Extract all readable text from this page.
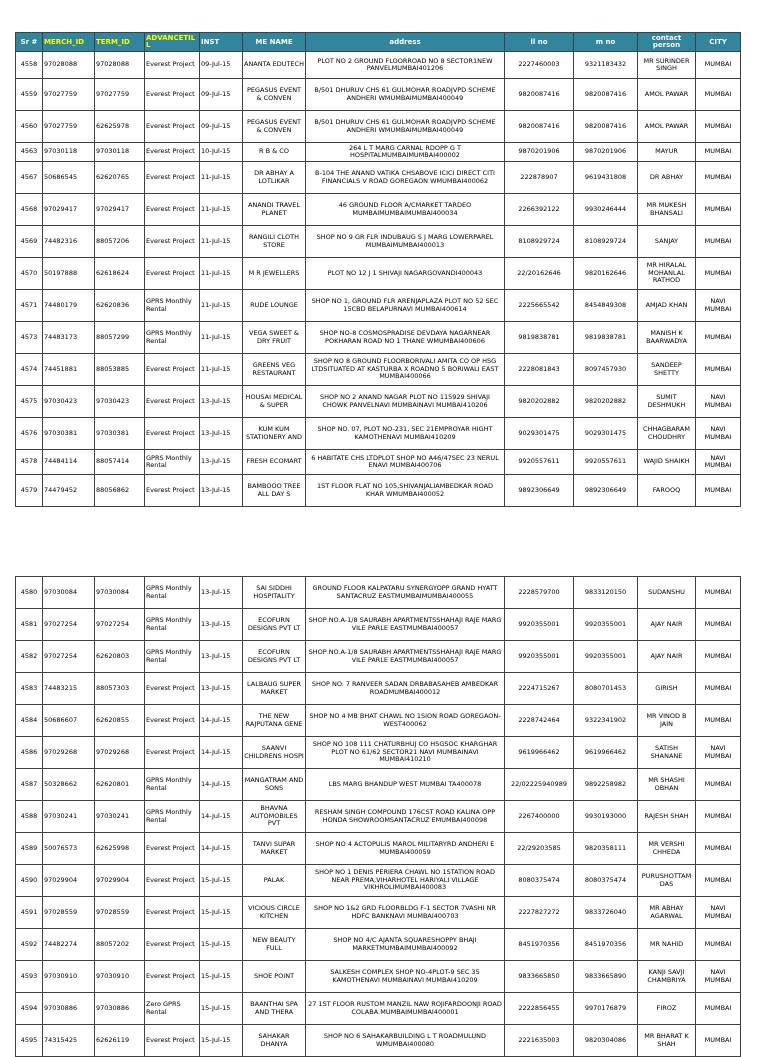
Sr #	MERCH_ID	TERM_ID	ADVANCETIL L	INST	ME NAME	address	ll no	m no	contact person	CITY
4558	97028088	97028088	Everest Project	09-Jul-15	ANANTA EDUTECH	PLOT NO 2 GROUND FLOORROAD NO 8 SECTOR1NEW PANVELMUMBAI401206	2227460003	9321183432	MR SURINDER SINGH	MUMBAI
4559	97027759	97027759	Everest Project	09-Jul-15	PEGASUS EVENT & CONVEN	B/501 DHURUV CHS 61 GULMOHAR ROADJVPD SCHEME ANDHERI WMUMBAIMUMBAI400049	9820087416	9820087416	AMOL PAWAR	MUMBAI
4560	97027759	62625978	Everest Project	09-Jul-15	PEGASUS EVENT & CONVEN	B/501 DHURUV CHS 61 GULMOHAR ROADJVPD SCHEME ANDHERI WMUMBAIMUMBAI400049	9820087416	9820087416	AMOL PAWAR	MUMBAI
4563	97030118	97030118	Everest Project	10-Jul-15	R B & CO	264 L T MARG CARNAL RDOPP G T HOSPITALMUMBAIMUMBAI400002	9870201906	9870201906	MAYUR	MUMBAI
4567	50686545	62620765	Everest Project	11-Jul-15	DR ABHAY A LOTLIKAR	B-104 THE ANAND VATIKA CHSABOVE ICICI DIRECT CITI FINANCIALS V ROAD GOREGAON WMUMBAI400062	222878907	9619431808	DR ABHAY	MUMBAI
4568	97029417	97029417	Everest Project	11-Jul-15	ANANDI TRAVEL PLANET	46 GROUND FLOOR A/CMARKET TARDEO MUMBAIMUMBAIMUMBAI400034	2266392122	9930246444	MR MUKESH BHANSALI	MUMBAI
4569	74482316	88057206	Everest Project	11-Jul-15	RANGILI CLOTH STORE	SHOP NO 9 GR FLR INDUBAUG S J MARG LOWERPAREL MUMBAIMUMBAI400013	8108929724	8108929724	SANJAY	MUMBAI
4570	50197888	62618624	Everest Project	11-Jul-15	M R JEWELLERS	PLOT NO 12 J 1 SHIVAJI NAGARGOVANDI400043	22/20162646	9820162646	MR HIRALAL MOHANLAL RATHOD	MUMBAI
4571	74480179	62620836	GPRS Monthly Rental	11-Jul-15	RUDE LOUNGE	SHOP NO 1, GROUND FLR ARENJAPLAZA PLOT NO 52 SEC 15CBD BELAPURNAVI MUMBAI400614	2225665542	8454849308	AMJAD KHAN	NAVI MUMBAI
4573	74483173	88057299	GPRS Monthly Rental	11-Jul-15	VEGA SWEET & DRY FRUIT	SHOP NO-8 COSMOSPRADISE DEVDAYA NAGARNEAR POKHARAN ROAD NO 1 THANE WMUMBAI400606	9819838781	9819838781	MANISH K BAARWADYA	MUMBAI
4574	74451881	88053885	Everest Project	11-Jul-15	GREENS VEG RESTAURANT	SHOP NO 8 GROUND FLOORBORIVALI AMITA CO OP HSG LTDSITUATED AT KASTURBA X ROADNO 5 BORIWALI EAST MUMBAI400066	2228081843	8097457930	SANDEEP SHETTY	MUMBAI
4575	97030423	97030423	Everest Project	13-Jul-15	HOUSAI MEDICAL & SUPER	SHOP NO 2 ANAND NAGAR PLOT NO 115929 SHIVAJI CHOWK PANVELNAVI MUMBAINAVI MUMBAI410206	9820202882	9820202882	SUMIT DESHMUKH	NAVI MUMBAI
4576	97030381	97030381	Everest Project	13-Jul-15	KUM KUM STATIONERY AND	SHOP NO. 07, PLOT NO-231, SEC 21EMPROYAR HIGHT KAMOTHENAVI MUMBAI410209	9029301475	9029301475	CHHAGBARAM CHOUDHRY	NAVI MUMBAI
4578	74484114	88057414	GPRS Monthly Rental	13-Jul-15	FRESH ECOMART	6 HABITATE CHS LTDPLOT SHOP NO A46/47SEC 23 NERUL ENAVI MUMBAI400706	9920557611	9920557611	WAJID SHAIKH	NAVI MUMBAI
4579	74479452	88056862	Everest Project	13-Jul-15	BAMBOOO TREE ALL DAY S	1ST FLOOR FLAT NO 105,SHIVANJALIAMBEDKAR ROAD KHAR WMUMBAI400052	9892306649	9892306649	FAROOQ	MUMBAI
4580	97030084	97030084	GPRS Monthly Rental	13-Jul-15	SAI SIDDHI HOSPITALITY	GROUND FLOOR KALPATARU SYNERGYOPP GRAND HYATT SANTACRUZ EASTMUMBAIMUMBAI400055	2228579700	9833120150	SUDANSHU	MUMBAI
4581	97027254	97027254	GPRS Monthly Rental	13-Jul-15	ECOFURN DESIGNS PVT LT	SHOP NO.A-1/8 SAURABH APARTMENTSSHAHAJI RAJE MARG VILE PARLE EASTMUMBAI400057	9920355001	9920355001	AJAY NAIR	MUMBAI
4582	97027254	62620803	GPRS Monthly Rental	13-Jul-15	ECOFURN DESIGNS PVT LT	SHOP NO.A-1/8 SAURABH APARTMENTSSHAHAJI RAJE MARG VILE PARLE EASTMUMBAI400057	9920355001	9920355001	AJAY NAIR	MUMBAI
4583	74483215	88057303	Everest Project	13-Jul-15	LALBAUG SUPER MARKET	SHOP NO. 7 RANVEER SADAN DRBABASAHEB AMBEDKAR ROADMUMBAI400012	2224715267	8080701453	GIRISH	MUMBAI
4584	50686607	62620855	Everest Project	14-Jul-15	THE NEW RAJPUTANA GENE	SHOP NO 4 MB BHAT CHAWL NO 1SION ROAD GOREGAON-WEST400062	2228742464	9322341902	MR VINOD B JAIN	MUMBAI
4586	97029268	97029268	Everest Project	14-Jul-15	SAANVI CHILDRENS HOSPI	SHOP NO 108 111 CHATURBHUJ CO HSGSOC KHARGHAR PLOT NO 61/62 SECTOR21 NAVI MUMBAINAVI MUMBAI410210	9619966462	9619966462	SATISH SHANANE	NAVI MUMBAI
4587	50328662	62620801	GPRS Monthly Rental	14-Jul-15	MANGATRAM AND SONS	LBS MARG BHANDUP WEST MUMBAI TA400078	22/02225940989	9892258982	MR SHASHI OBHAN	MUMBAI
4588	97030241	97030241	GPRS Monthly Rental	14-Jul-15	BHAVNA AUTOMOBILES PVT	RESHAM SINGH COMPOUND 176CST ROAD KALINA OPP HONDA SHOWROOMSANTACRUZ EMUMBAI400098	2267400000	9930193000	RAJESH SHAH	MUMBAI
4589	50076573	62625998	Everest Project	14-Jul-15	TANVI SUPAR MARKET	SHOP NO 4 ACTOPULIS MAROL MILITARYRD ANDHERI E MUMBAI400059	22/29203585	9820358111	MR VERSHI CHHEDA	MUMBAI
4590	97029904	97029904	Everest Project	15-Jul-15	PALAK	SHOP NO 1 DENIS PERIERA CHAWL NO 1STATION ROAD NEAR PREMA,VIHARHOTEL HARIYALI VILLAGE VIKHROLIMUMBAI400083	8080375474	8080375474	PURUSHOTTAM DAS	MUMBAI
4591	97028559	97028559	Everest Project	15-Jul-15	VICIOUS CIRCLE KITCHEN	SHOP NO 1&2 GRD FLOORBLDG F-1 SECTOR 7VASHI NR HDFC BANKNAVI MUMBAI400703	2227827272	9833726040	MR ABHAY AGARWAL	NAVI MUMBAI
4592	74482274	88057202	Everest Project	15-Jul-15	NEW BEAUTY FULL	SHOP NO 4/C AJANTA SQUARESHOPPY BHAJI MARKETMUMBAIMUMBAI400092	8451970356	8451970356	MR NAHID	MUMBAI
4593	97030910	97030910	Everest Project	15-Jul-15	SHOE POINT	SALKESH COMPLEX SHOP NO-4PLOT-9 SEC 35 KAMOTHENAVI MUMBAINAVI MUMBAI410209	9833665850	9833665890	KANJI SAVJI CHAMBRIYA	NAVI MUMBAI
4594	97030886	97030886	Zero GPRS Rental	15-Jul-15	BAANTHAI SPA AND THERA	27 1ST FLOOR RUSTOM MANZIL NAW ROJIFARDOONJI ROAD COLABA MUMBAIMUMBAI400001	2222856455	9970176879	FIROZ	MUMBAI
4595	74315425	62626119	Everest Project	15-Jul-15	SAHAKAR DHANYA	SHOP NO 6 SAHAKARBUILDING L T ROADMULUND WMUMBAI400080	2221635003	9820304086	MR BHARAT K SHAH	MUMBAI
